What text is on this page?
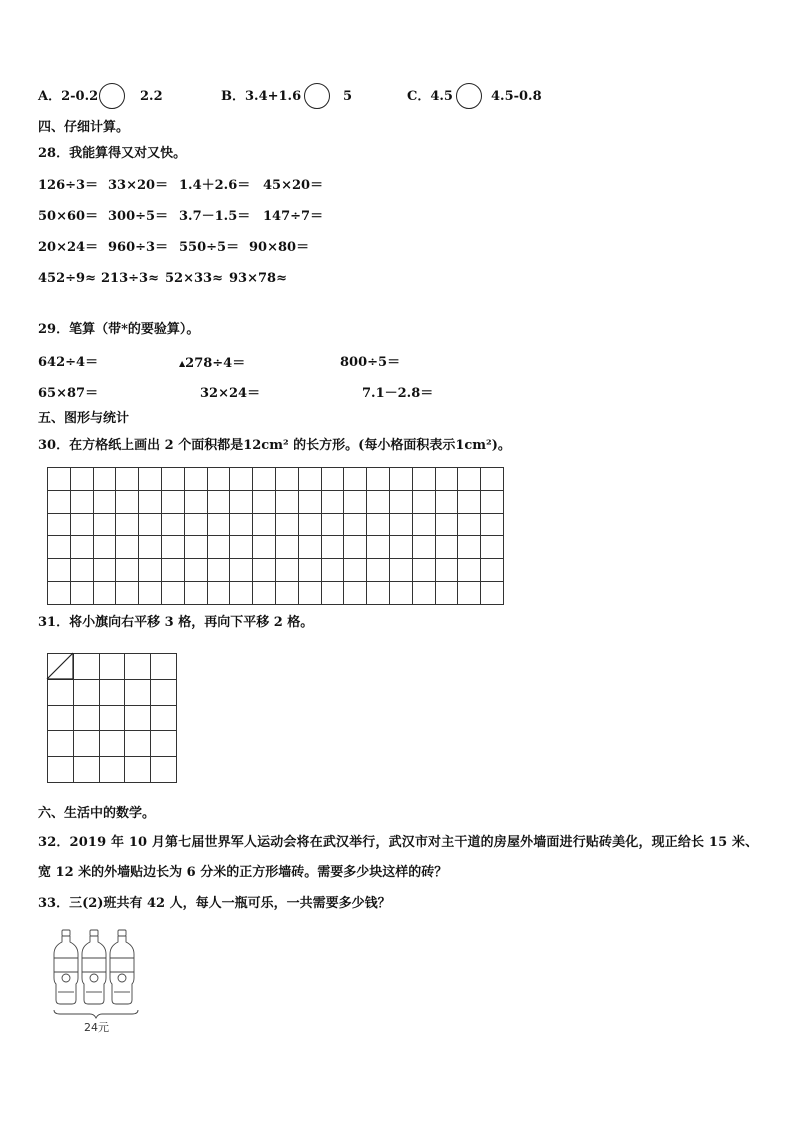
A．2-0.2	2.2	B．3.4+1.6	5	C．4.5	4.5-0.8
四、仔细计算。
28．我能算得又对又快。
126÷3＝ 33×20＝ 1.4＋2.6＝ 45×20＝
50×60＝ 300÷5＝ 3.7－1.5＝ 147÷7＝
20×24＝ 960÷3＝ 550÷5＝ 90×80＝
452÷9≈ 213÷3≈ 52×33≈ 93×78≈
29．笔算（带*的要验算）。
642÷4＝	▲278÷4＝	800÷5＝
65×87＝	32×24＝	7.1－2.8＝
五、图形与统计
30．在方格纸上画出 2 个面积都是12cm² 的长方形。(每小格面积表示1cm²)。

31．将小旗向右平移 3 格，再向下平移 2 格。

六、生活中的数学。
32．2019 年 10 月第七届世界军人运动会将在武汉举行，武汉市对主干道的房屋外墙面进行贴砖美化，现正给长 15 米、
宽 12 米的外墙贴边长为 6 分米的正方形墙砖。需要多少块这样的砖？
33．三(2)班共有 42 人，每人一瓶可乐，一共需要多少钱？
24元
